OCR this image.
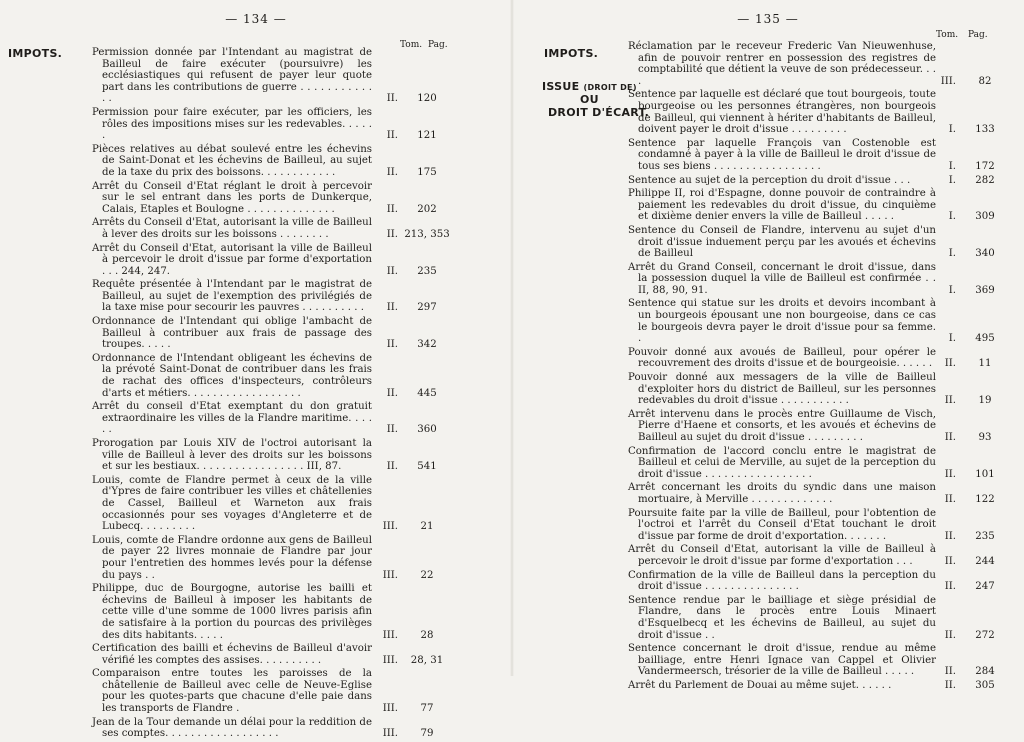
— 134 —
IMPOTS.
Tom. Pag.
Permission donnée par l'Intendant au magistrat de Bailleul de faire exécuter (poursuivre) les ecclésiastiques qui refusent de payer leur quote part dans les contributions de guerre . . . . . . . . . . . . .	II.	120
Permission pour faire exécuter, par les officiers, les rôles des impositions mises sur les redevables. . . . . .	II.	121
Pièces relatives au débat soulevé entre les échevins de Saint-Donat et les échevins de Bailleul, au sujet de la taxe du prix des boissons. . . . . . . . . . . .	II.	175
Arrêt du Conseil d'Etat réglant le droit à percevoir sur le sel entrant dans les ports de Dunkerque, Calais, Etaples et Boulogne . . . . . . . . . . . . . .	II.	202
Arrêts du Conseil d'Etat, autorisant la ville de Bailleul à lever des droits sur les boissons . . . . . . . .	II. 213, 353
Arrêt du Conseil d'Etat, autorisant la ville de Bailleul à percevoir le droit d'issue par forme d'exportation . . . 244, 247.	II.	235
Requête présentée à l'Intendant par le magistrat de Bailleul, au sujet de l'exemption des privilégiés de la taxe mise pour secourir les pauvres . . . . . . . . . .	II.	297
Ordonnance de l'Intendant qui oblige l'ambacht de Bailleul à contribuer aux frais de passage des troupes. . . . .	II.	342
Ordonnance de l'Intendant obligeant les échevins de la prévoté Saint-Donat de contribuer dans les frais de rachat des offices d'inspecteurs, contrôleurs d'arts et métiers. . . . . . . . . . . . . . . . . .	II.	445
Arrêt du conseil d'Etat exemptant du don gratuit extraordinaire les villes de la Flandre maritime. . . . . .	II.	360
Prorogation par Louis XIV de l'octroi autorisant la ville de Bailleul à lever des droits sur les boissons et sur les bestiaux. . . . . . . . . . . . . . . . . III, 87.	II.	541
Louis, comte de Flandre permet à ceux de la ville d'Ypres de faire contribuer les villes et châtellenies de Cassel, Bailleul et Warneton aux frais occasionnés pour ses voyages d'Angleterre et de Lubecq. . . . . . . . .	III.	21
Louis, comte de Flandre ordonne aux gens de Bailleul de payer 22 livres monnaie de Flandre par jour pour l'entretien des hommes levés pour la défense du pays . .	III.	22
Philippe, duc de Bourgogne, autorise les bailli et échevins de Bailleul à imposer les habitants de cette ville d'une somme de 1000 livres parisis afin de satisfaire à la portion du pourcas des privilèges des dits habitants. . . . .	III.	28
Certification des bailli et échevins de Bailleul d'avoir vérifié les comptes des assises. . . . . . . . . .	III.	28, 31
Comparaison entre toutes les paroisses de la châtellenie de Bailleul avec celle de Neuve-Eglise pour les quotes-parts que chacune d'elle paie dans les transports de Flandre .	III.	77
Jean de la Tour demande un délai pour la reddition de ses comptes. . . . . . . . . . . . . . . . . .	III.	79
— 135 —
IMPOTS.
ISSUE (DROIT DE)
OU
DROIT D'ÉCART.
Tom. Pag.
Réclamation par le receveur Frederic Van Nieuwenhuse, afin de pouvoir rentrer en possession des registres de comptabilité que détient la veuve de son prédecesseur. . . .	III.	82
Sentence par laquelle est déclaré que tout bourgeois, toute bourgeoise ou les personnes étrangères, non bourgeois de Bailleul, qui viennent à hériter d'habitants de Bailleul, doivent payer le droit d'issue . . . . . . . . .	I.	133
Sentence par laquelle François van Costenoble est condamné à payer à la ville de Bailleul le droit d'issue de tous ses biens . . . . . . . . . . . . . . . . .	I.	172
Sentence au sujet de la perception du droit d'issue . . .	I.	282
Philippe II, roi d'Espagne, donne pouvoir de contraindre à paiement les redevables du droit d'issue, du cinquième et dixième denier envers la ville de Bailleul . . . . .	I.	309
Sentence du Conseil de Flandre, intervenu au sujet d'un droit d'issue induement perçu par les avoués et échevins de Bailleul	I.	340
Arrêt du Grand Conseil, concernant le droit d'issue, dans la possession duquel la ville de Bailleul est confirmée . . II, 88, 90, 91.	I.	369
Sentence qui statue sur les droits et devoirs incombant à un bourgeois épousant une non bourgeoise, dans ce cas le bourgeois devra payer le droit d'issue pour sa femme. .	I.	495
Pouvoir donné aux avoués de Bailleul, pour opérer le recouvrement des droits d'issue et de bourgeoisie. . . . . .	II.	11
Pouvoir donné aux messagers de la ville de Bailleul d'exploiter hors du district de Bailleul, sur les personnes redevables du droit d'issue . . . . . . . . . . .	II.	19
Arrêt intervenu dans le procès entre Guillaume de Visch, Pierre d'Haene et consorts, et les avoués et échevins de Bailleul au sujet du droit d'issue . . . . . . . . .	II.	93
Confirmation de l'accord conclu entre le magistrat de Bailleul et celui de Merville, au sujet de la perception du droit d'issue . . . . . . . . . . . . . . . . .	II.	101
Arrêt concernant les droits du syndic dans une maison mortuaire, à Merville . . . . . . . . . . . . .	II.	122
Poursuite faite par la ville de Bailleul, pour l'obtention de l'octroi et l'arrêt du Conseil d'Etat touchant le droit d'issue par forme de droit d'exportation. . . . . . .	II.	235
Arrêt du Conseil d'Etat, autorisant la ville de Bailleul à percevoir le droit d'issue par forme d'exportation . . .	II.	244
Confirmation de la ville de Bailleul dans la perception du droit d'issue . . . . . . . . . . . . . . .	II.	247
Sentence rendue par le bailliage et siège présidial de Flandre, dans le procès entre Louis Minaert d'Esquelbecq et les échevins de Bailleul, au sujet du droit d'issue . .	II.	272
Sentence concernant le droit d'issue, rendue au même bailliage, entre Henri Ignace van Cappel et Olivier Vandermeersch, trésorier de la ville de Bailleul . . . . .	II.	284
Arrêt du Parlement de Douai au même sujet. . . . . .	II.	305
